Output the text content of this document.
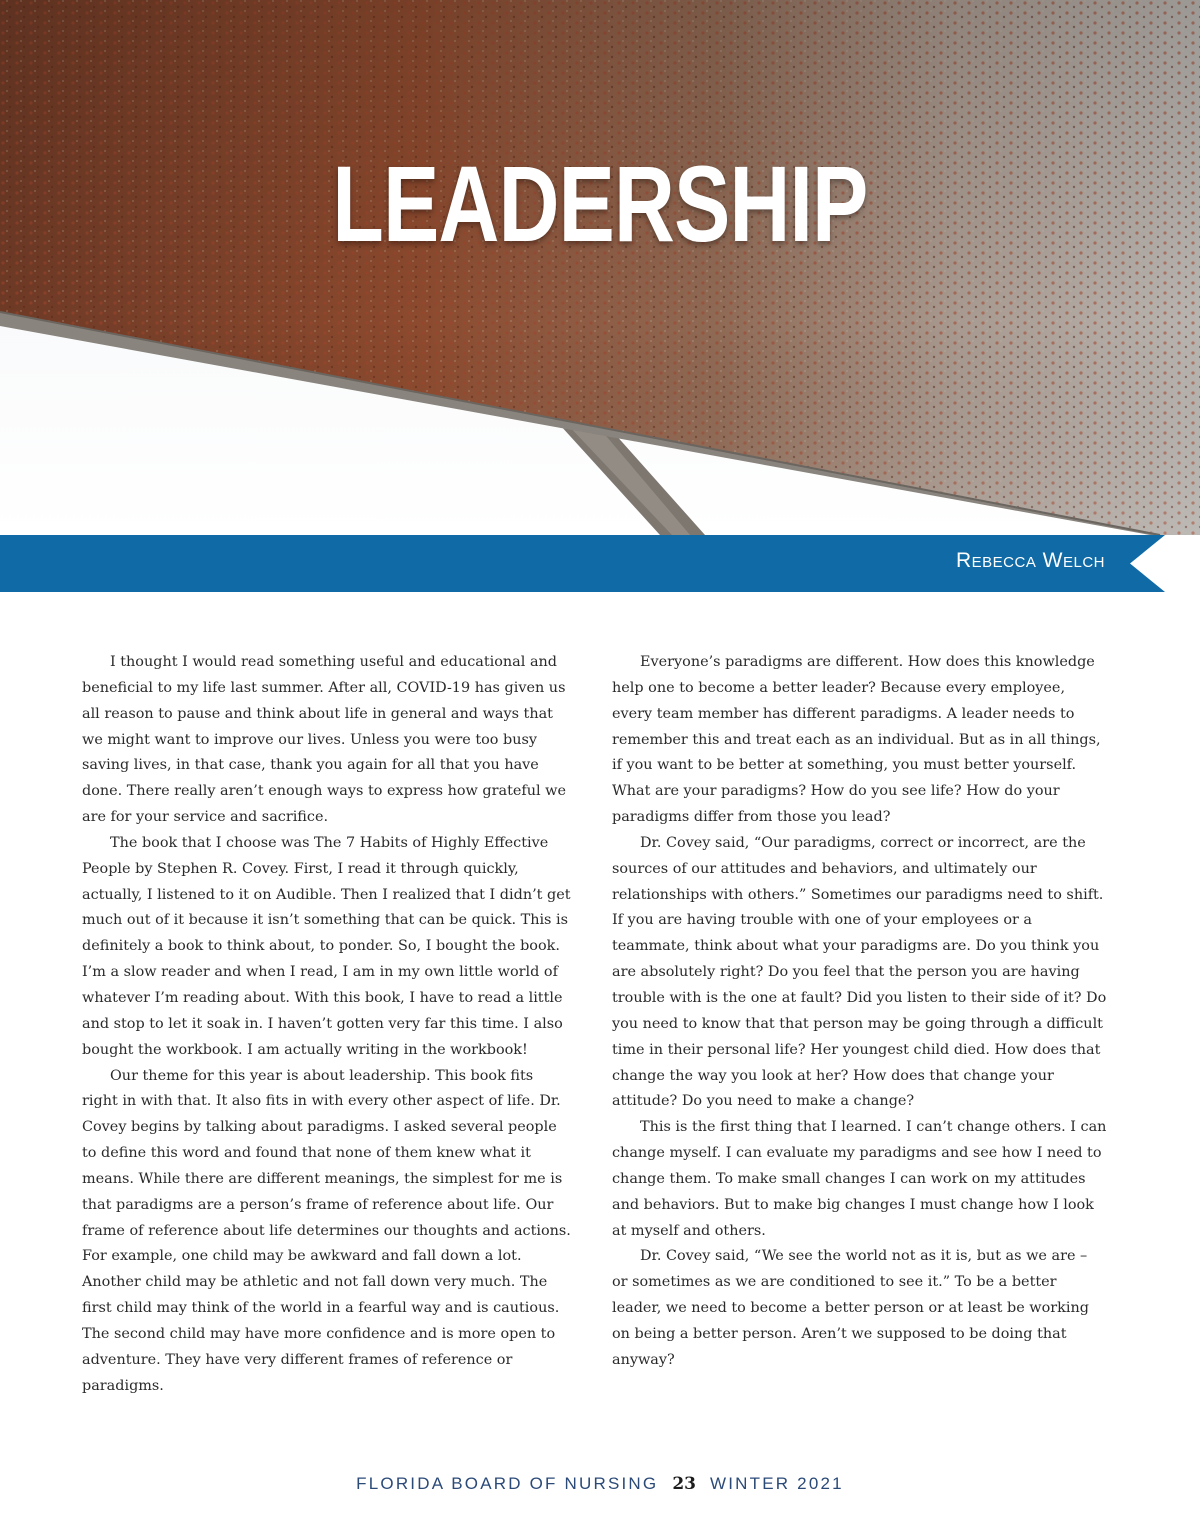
LEADERSHIP

Rebecca Welch

I thought I would read something useful and educational and beneficial to my life last summer. After all, COVID-19 has given us all reason to pause and think about life in general and ways that we might want to improve our lives. Unless you were too busy saving lives, in that case, thank you again for all that you have done. There really aren’t enough ways to express how grateful we are for your service and sacrifice.

The book that I choose was The 7 Habits of Highly Effective People by Stephen R. Covey. First, I read it through quickly, actually, I listened to it on Audible. Then I realized that I didn’t get much out of it because it isn’t something that can be quick. This is definitely a book to think about, to ponder. So, I bought the book. I’m a slow reader and when I read, I am in my own little world of whatever I’m reading about. With this book, I have to read a little and stop to let it soak in. I haven’t gotten very far this time. I also bought the workbook. I am actually writing in the workbook!

Our theme for this year is about leadership. This book fits right in with that. It also fits in with every other aspect of life. Dr. Covey begins by talking about paradigms. I asked several people to define this word and found that none of them knew what it means. While there are different meanings, the simplest for me is that paradigms are a person’s frame of reference about life. Our frame of reference about life determines our thoughts and actions. For example, one child may be awkward and fall down a lot. Another child may be athletic and not fall down very much. The first child may think of the world in a fearful way and is cautious. The second child may have more confidence and is more open to adventure. They have very different frames of reference or paradigms.

Everyone’s paradigms are different. How does this knowledge help one to become a better leader? Because every employee, every team member has different paradigms. A leader needs to remember this and treat each as an individual. But as in all things, if you want to be better at something, you must better yourself. What are your paradigms? How do you see life? How do your paradigms differ from those you lead?

Dr. Covey said, “Our paradigms, correct or incorrect, are the sources of our attitudes and behaviors, and ultimately our relationships with others.” Sometimes our paradigms need to shift. If you are having trouble with one of your employees or a teammate, think about what your paradigms are. Do you think you are absolutely right? Do you feel that the person you are having trouble with is the one at fault? Did you listen to their side of it? Do you need to know that that person may be going through a difficult time in their personal life? Her youngest child died. How does that change the way you look at her? How does that change your attitude? Do you need to make a change?

This is the first thing that I learned. I can’t change others. I can change myself. I can evaluate my paradigms and see how I need to change them. To make small changes I can work on my attitudes and behaviors. But to make big changes I must change how I look at myself and others.

Dr. Covey said, “We see the world not as it is, but as we are – or sometimes as we are conditioned to see it.” To be a better leader, we need to become a better person or at least be working on being a better person. Aren’t we supposed to be doing that anyway?

FLORIDA BOARD OF NURSING 23 WINTER 2021
